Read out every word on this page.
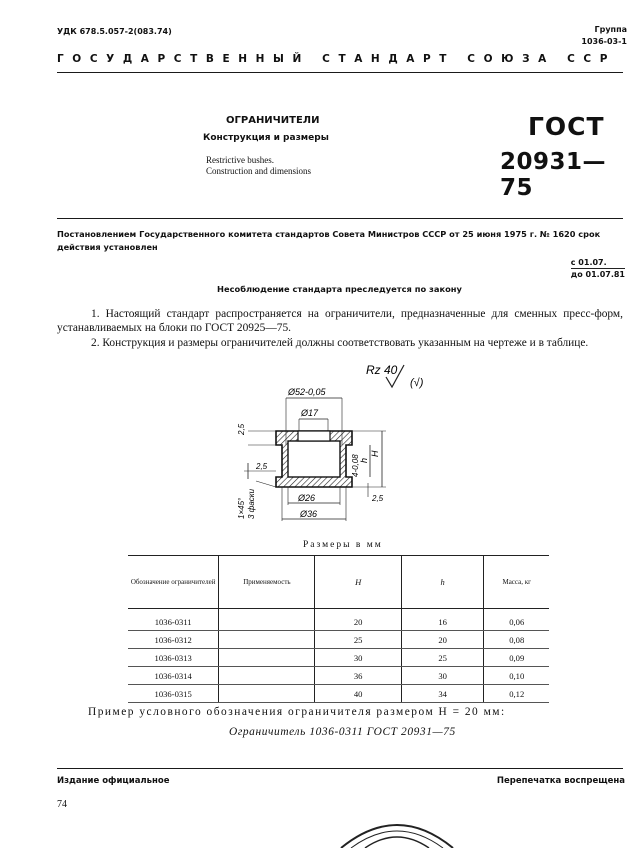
УДК 678.5.057-2(083.74)	Группа
1036-03-1
ГОСУДАРСТВЕННЫЙ СТАНДАРТ СОЮЗА ССР
ОГРАНИЧИТЕЛИ
Конструкция и размеры
Restrictive bushes.
Construction and dimensions
ГОСТ
20931—75
Постановлением Государственного комитета стандартов Совета Министров СССР от 25 июня 1975 г. № 1620 срок действия установлен
с 01.07.
до 01.07.81
Несоблюдение стандарта преследуется по закону
1. Настоящий стандарт распространяется на ограничители, предназначенные для сменных пресс-форм, устанавливаемых на блоки по ГОСТ 20925—75.
2. Конструкция и размеры ограничителей должны соответствовать указанным на чертеже и в таблице.
Rz 40
(√)
Ø52-0,05
Ø17
2,5
2,5
1×45° 3 фаски
H
h
4-0,08
2,5
Ø26
Ø36
Размеры в мм
Обозначение ограничителей	Применяемость	H	h	Масса, кг
1036-0311		20	16	0,06
1036-0312		25	20	0,08
1036-0313		30	25	0,09
1036-0314		36	30	0,10
1036-0315		40	34	0,12
Пример условного обозначения ограничителя размером H = 20 мм:
Ограничитель 1036-0311 ГОСТ 20931—75
Издание официальное	Перепечатка воспрещена
74
